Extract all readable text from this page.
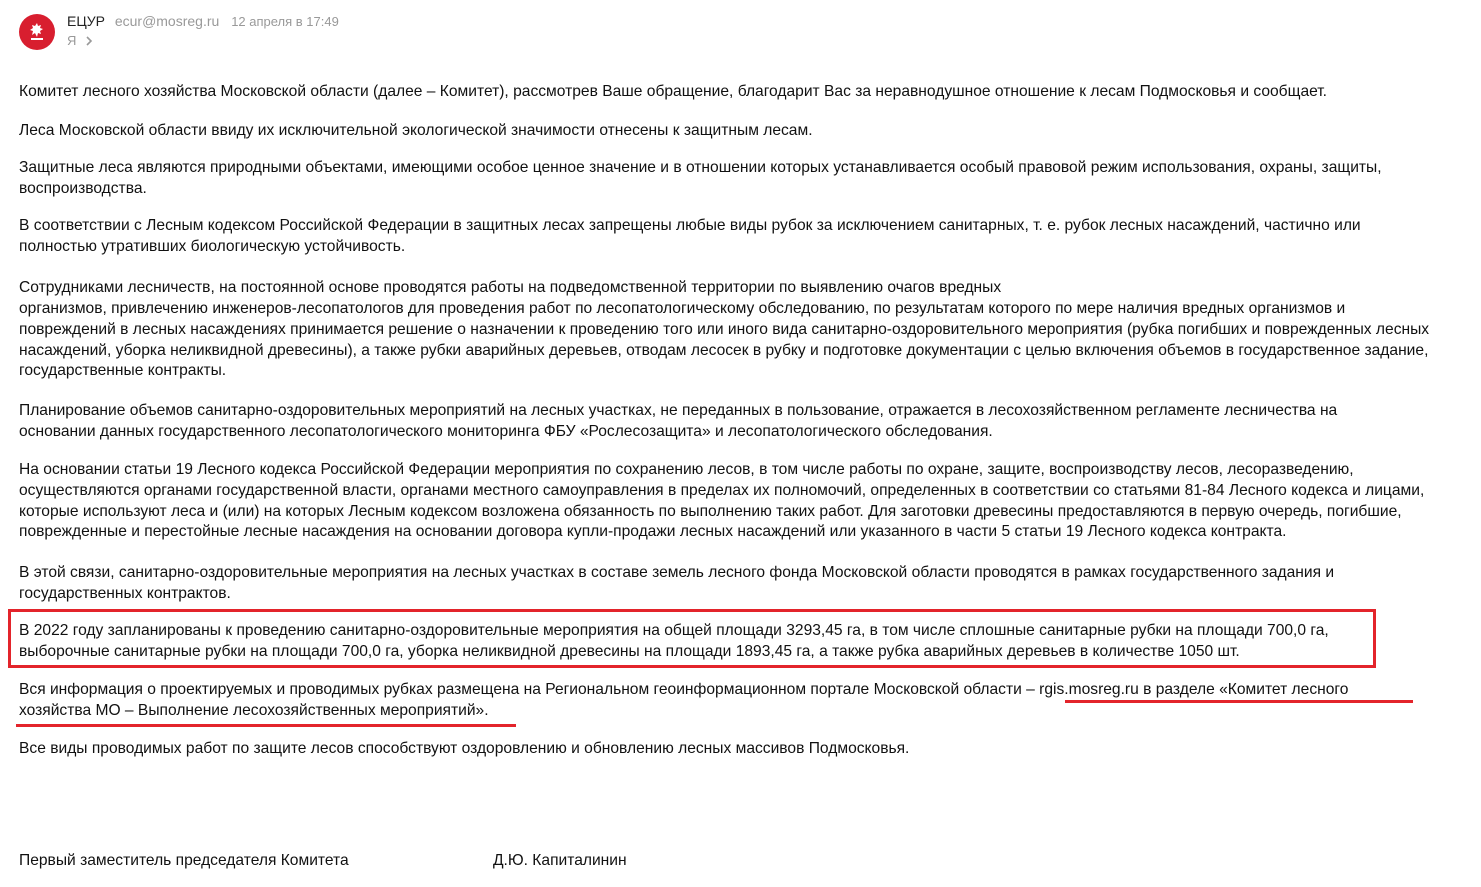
ЕЦУР ecur@mosreg.ru 12 апреля в 17:49
Я

Комитет лесного хозяйства Московской области (далее – Комитет), рассмотрев Ваше обращение, благодарит Вас за неравнодушное отношение к лесам Подмосковья и сообщает.

Леса Московской области ввиду их исключительной экологической значимости отнесены к защитным лесам.

Защитные леса являются природными объектами, имеющими особое ценное значение и в отношении которых устанавливается особый правовой режим использования, охраны, защиты, воспроизводства.

В соответствии с Лесным кодексом Российской Федерации в защитных лесах запрещены любые виды рубок за исключением санитарных, т. е. рубок лесных насаждений, частично или полностью утративших биологическую устойчивость.

Сотрудниками лесничеств, на постоянной основе проводятся работы на подведомственной территории по выявлению очагов вредных

организмов, привлечению инженеров-лесопатологов для проведения работ по лесопатологическому обследованию, по результатам которого по мере наличия вредных организмов и повреждений в лесных насаждениях принимается решение о назначении к проведению того или иного вида санитарно-оздоровительного мероприятия (рубка погибших и поврежденных лесных насаждений, уборка неликвидной древесины), а также рубки аварийных деревьев, отводам лесосек в рубку и подготовке документации с целью включения объемов в государственное задание, государственные контракты.

Планирование объемов санитарно-оздоровительных мероприятий на лесных участках, не переданных в пользование, отражается в лесохозяйственном регламенте лесничества на основании данных государственного лесопатологического мониторинга ФБУ «Рослесозащита» и лесопатологического обследования.

На основании статьи 19 Лесного кодекса Российской Федерации мероприятия по сохранению лесов, в том числе работы по охране, защите, воспроизводству лесов, лесоразведению, осуществляются органами государственной власти, органами местного самоуправления в пределах их полномочий, определенных в соответствии со статьями 81-84 Лесного кодекса и лицами, которые используют леса и (или) на которых Лесным кодексом возложена обязанность по выполнению таких работ. Для заготовки древесины предоставляются в первую очередь, погибшие, поврежденные и перестойные лесные насаждения на основании договора купли-продажи лесных насаждений или указанного в части 5 статьи 19 Лесного кодекса контракта.

В этой связи, санитарно-оздоровительные мероприятия на лесных участках в составе земель лесного фонда Московской области проводятся в рамках государственного задания и государственных контрактов.

В 2022 году запланированы к проведению санитарно-оздоровительные мероприятия на общей площади 3293,45 га, в том числе сплошные санитарные рубки на площади 700,0 га, выборочные санитарные рубки на площади 700,0 га, уборка неликвидной древесины на площади 1893,45 га, а также рубка аварийных деревьев в количестве 1050 шт.

Вся информация о проектируемых и проводимых рубках размещена на Региональном геоинформационном портале Московской области – rgis.mosreg.ru в разделе «Комитет лесного хозяйства МО – Выполнение лесохозяйственных мероприятий».

Все виды проводимых работ по защите лесов способствуют оздоровлению и обновлению лесных массивов Подмосковья.

Первый заместитель председателя Комитета	Д.Ю. Капиталинин
